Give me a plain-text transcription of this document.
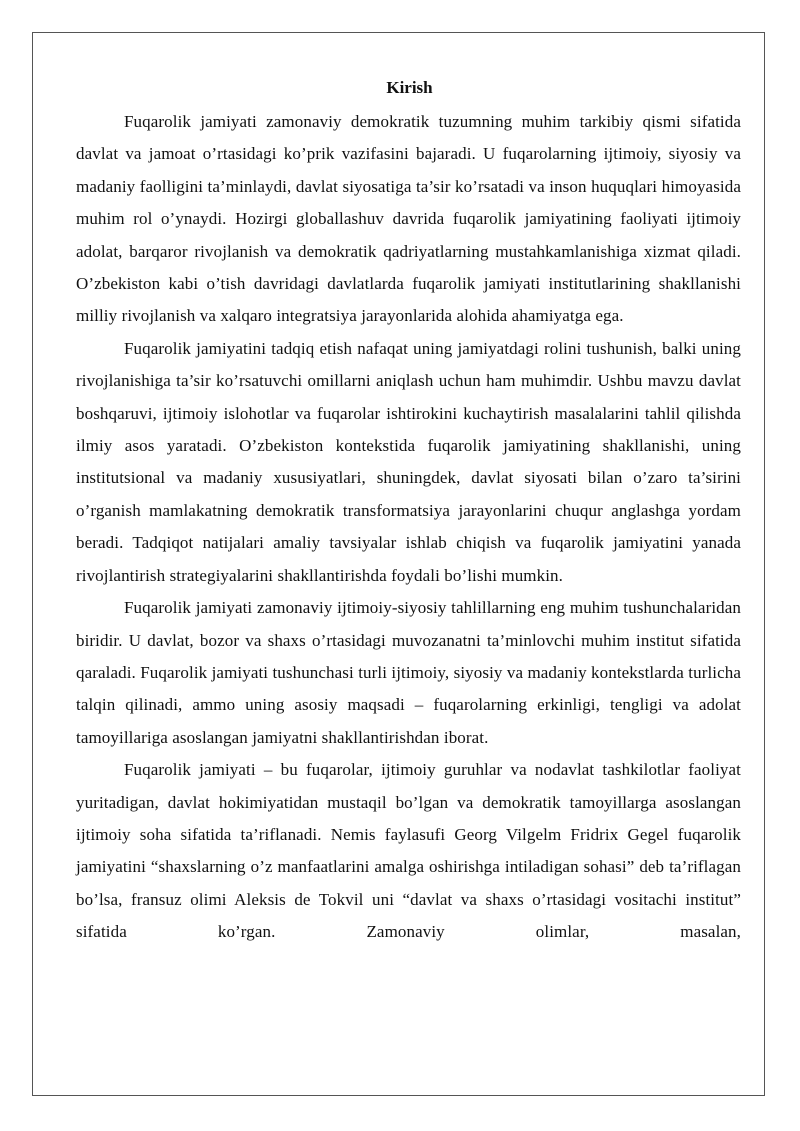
Kirish

Fuqarolik jamiyati zamonaviy demokratik tuzumning muhim tarkibiy qismi sifatida davlat va jamoat o’rtasidagi ko’prik vazifasini bajaradi. U fuqarolarning ijtimoiy, siyosiy va madaniy faolligini ta’minlaydi, davlat siyosatiga ta’sir ko’rsatadi va inson huquqlari himoyasida muhim rol o’ynaydi. Hozirgi globallashuv davrida fuqarolik jamiyatining faoliyati ijtimoiy adolat, barqaror rivojlanish va demokratik qadriyatlarning mustahkamlanishiga xizmat qiladi. O’zbekiston kabi o’tish davridagi davlatlarda fuqarolik jamiyati institutlarining shakllanishi milliy rivojlanish va xalqaro integratsiya jarayonlarida alohida ahamiyatga ega.

Fuqarolik jamiyatini tadqiq etish nafaqat uning jamiyatdagi rolini tushunish, balki uning rivojlanishiga ta’sir ko’rsatuvchi omillarni aniqlash uchun ham muhimdir. Ushbu mavzu davlat boshqaruvi, ijtimoiy islohotlar va fuqarolar ishtirokini kuchaytirish masalalarini tahlil qilishda ilmiy asos yaratadi. O’zbekiston kontekstida fuqarolik jamiyatining shakllanishi, uning institutsional va madaniy xususiyatlari, shuningdek, davlat siyosati bilan o’zaro ta’sirini o’rganish mamlakatning demokratik transformatsiya jarayonlarini chuqur anglashga yordam beradi. Tadqiqot natijalari amaliy tavsiyalar ishlab chiqish va fuqarolik jamiyatini yanada rivojlantirish strategiyalarini shakllantirishda foydali bo’lishi mumkin.

Fuqarolik jamiyati zamonaviy ijtimoiy-siyosiy tahlillarning eng muhim tushunchalaridan biridir. U davlat, bozor va shaxs o’rtasidagi muvozanatni ta’minlovchi muhim institut sifatida qaraladi. Fuqarolik jamiyati tushunchasi turli ijtimoiy, siyosiy va madaniy kontekstlarda turlicha talqin qilinadi, ammo uning asosiy maqsadi – fuqarolarning erkinligi, tengligi va adolat tamoyillariga asoslangan jamiyatni shakllantirishdan iborat.

Fuqarolik jamiyati – bu fuqarolar, ijtimoiy guruhlar va nodavlat tashkilotlar faoliyat yuritadigan, davlat hokimiyatidan mustaqil bo’lgan va demokratik tamoyillarga asoslangan ijtimoiy soha sifatida ta’riflanadi. Nemis faylasufi Georg Vilgelm Fridrix Gegel fuqarolik jamiyatini “shaxslarning o’z manfaatlarini amalga oshirishga intiladigan sohasi” deb ta’riflagan bo’lsa, fransuz olimi Aleksis de Tokvil uni “davlat va shaxs o’rtasidagi vositachi institut” sifatida ko’rgan. Zamonaviy olimlar, masalan,
